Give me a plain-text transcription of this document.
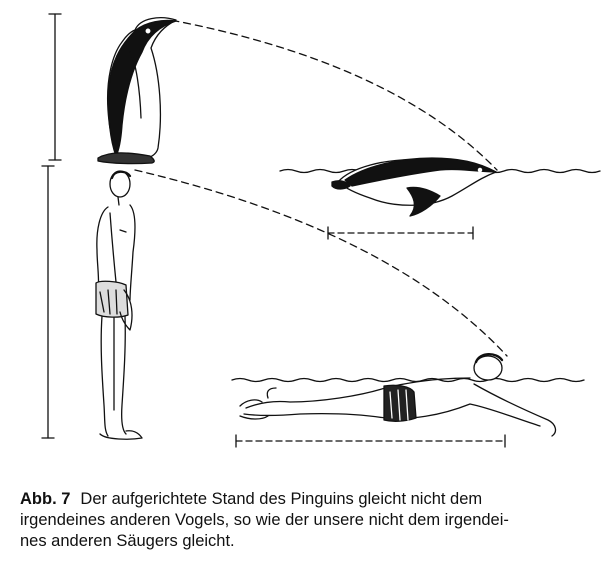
Abb. 7 Der aufgerichtete Stand des Pinguins gleicht nicht dem
irgendeines anderen Vogels, so wie der unsere nicht dem irgendei-
nes anderen Säugers gleicht.
